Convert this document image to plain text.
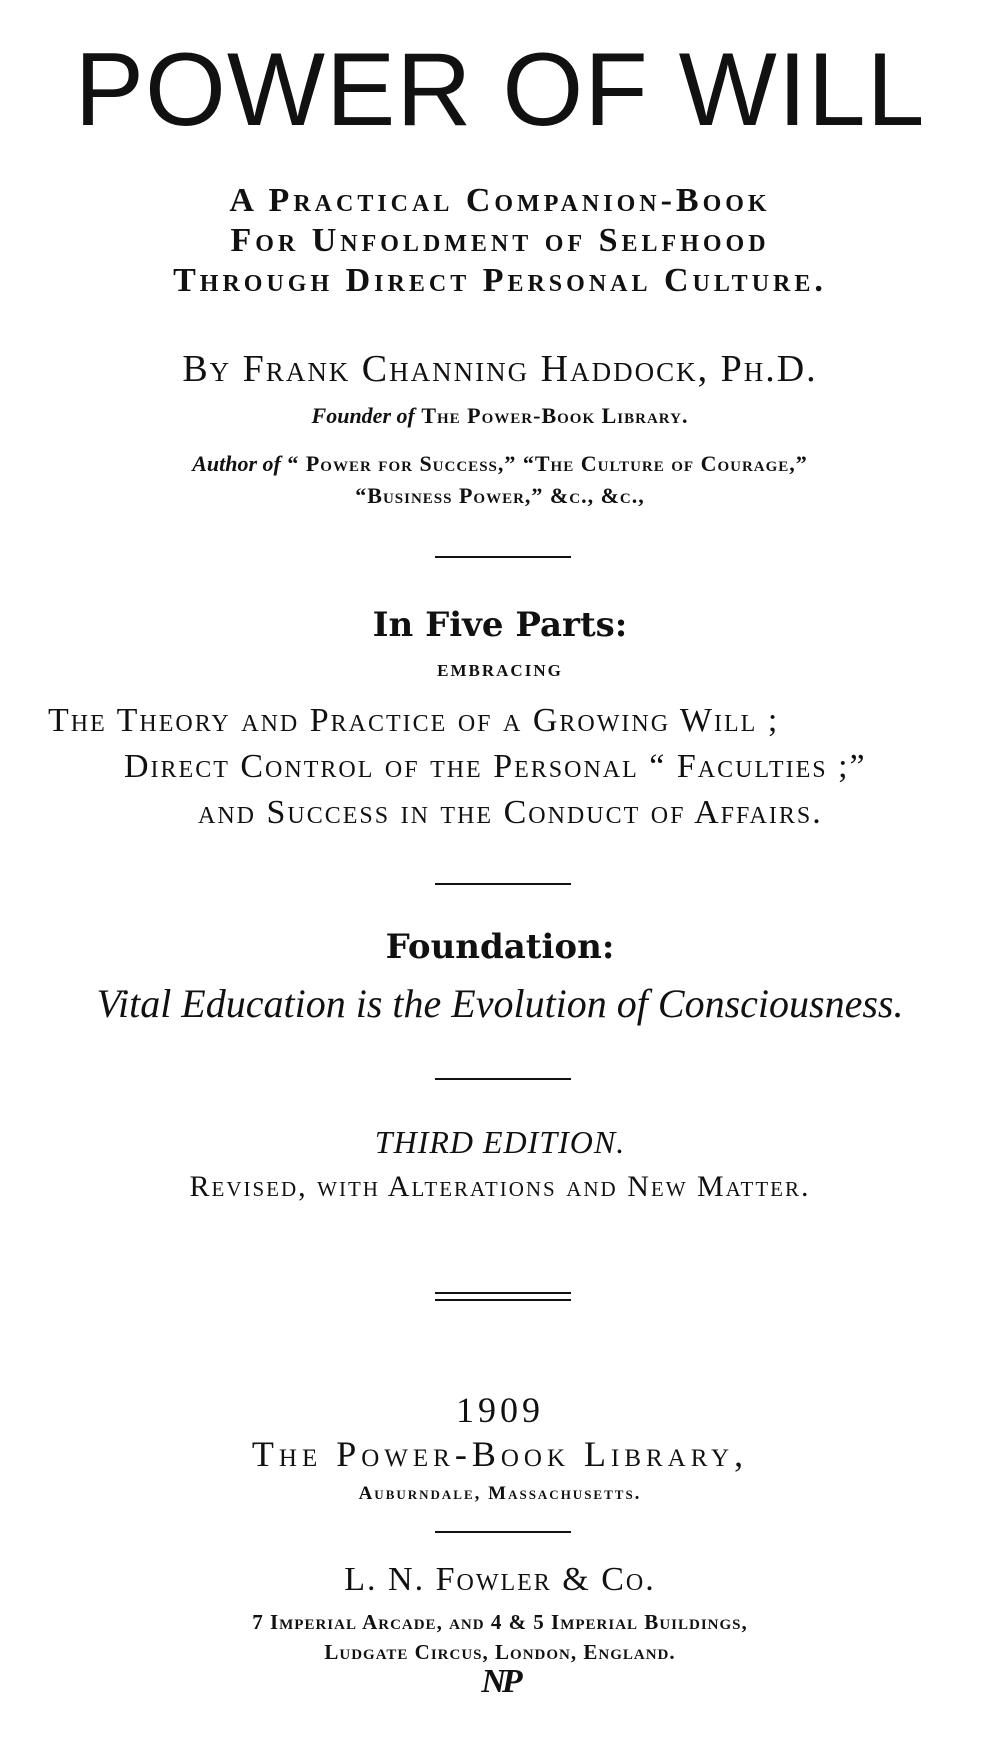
POWER OF WILL
A Practical Companion-Book
For Unfoldment of Selfhood
Through Direct Personal Culture.
By Frank Channing Haddock, Ph.D.
Founder of The Power-Book Library.
Author of “ Power for Success,” “The Culture of Courage,”
“Business Power,” &c., &c.,
In Five Parts:
EMBRACING
The Theory and Practice of a Growing Will ;
Direct Control of the Personal “ Faculties ;”
and Success in the Conduct of Affairs.
Foundation:
Vital Education is the Evolution of Consciousness.
THIRD EDITION.
Revised, with Alterations and New Matter.
1909
The Power-Book Library,
Auburndale, Massachusetts.
L. N. Fowler & Co.
7 Imperial Arcade, and 4 & 5 Imperial Buildings,
Ludgate Circus, London, England.
NP
